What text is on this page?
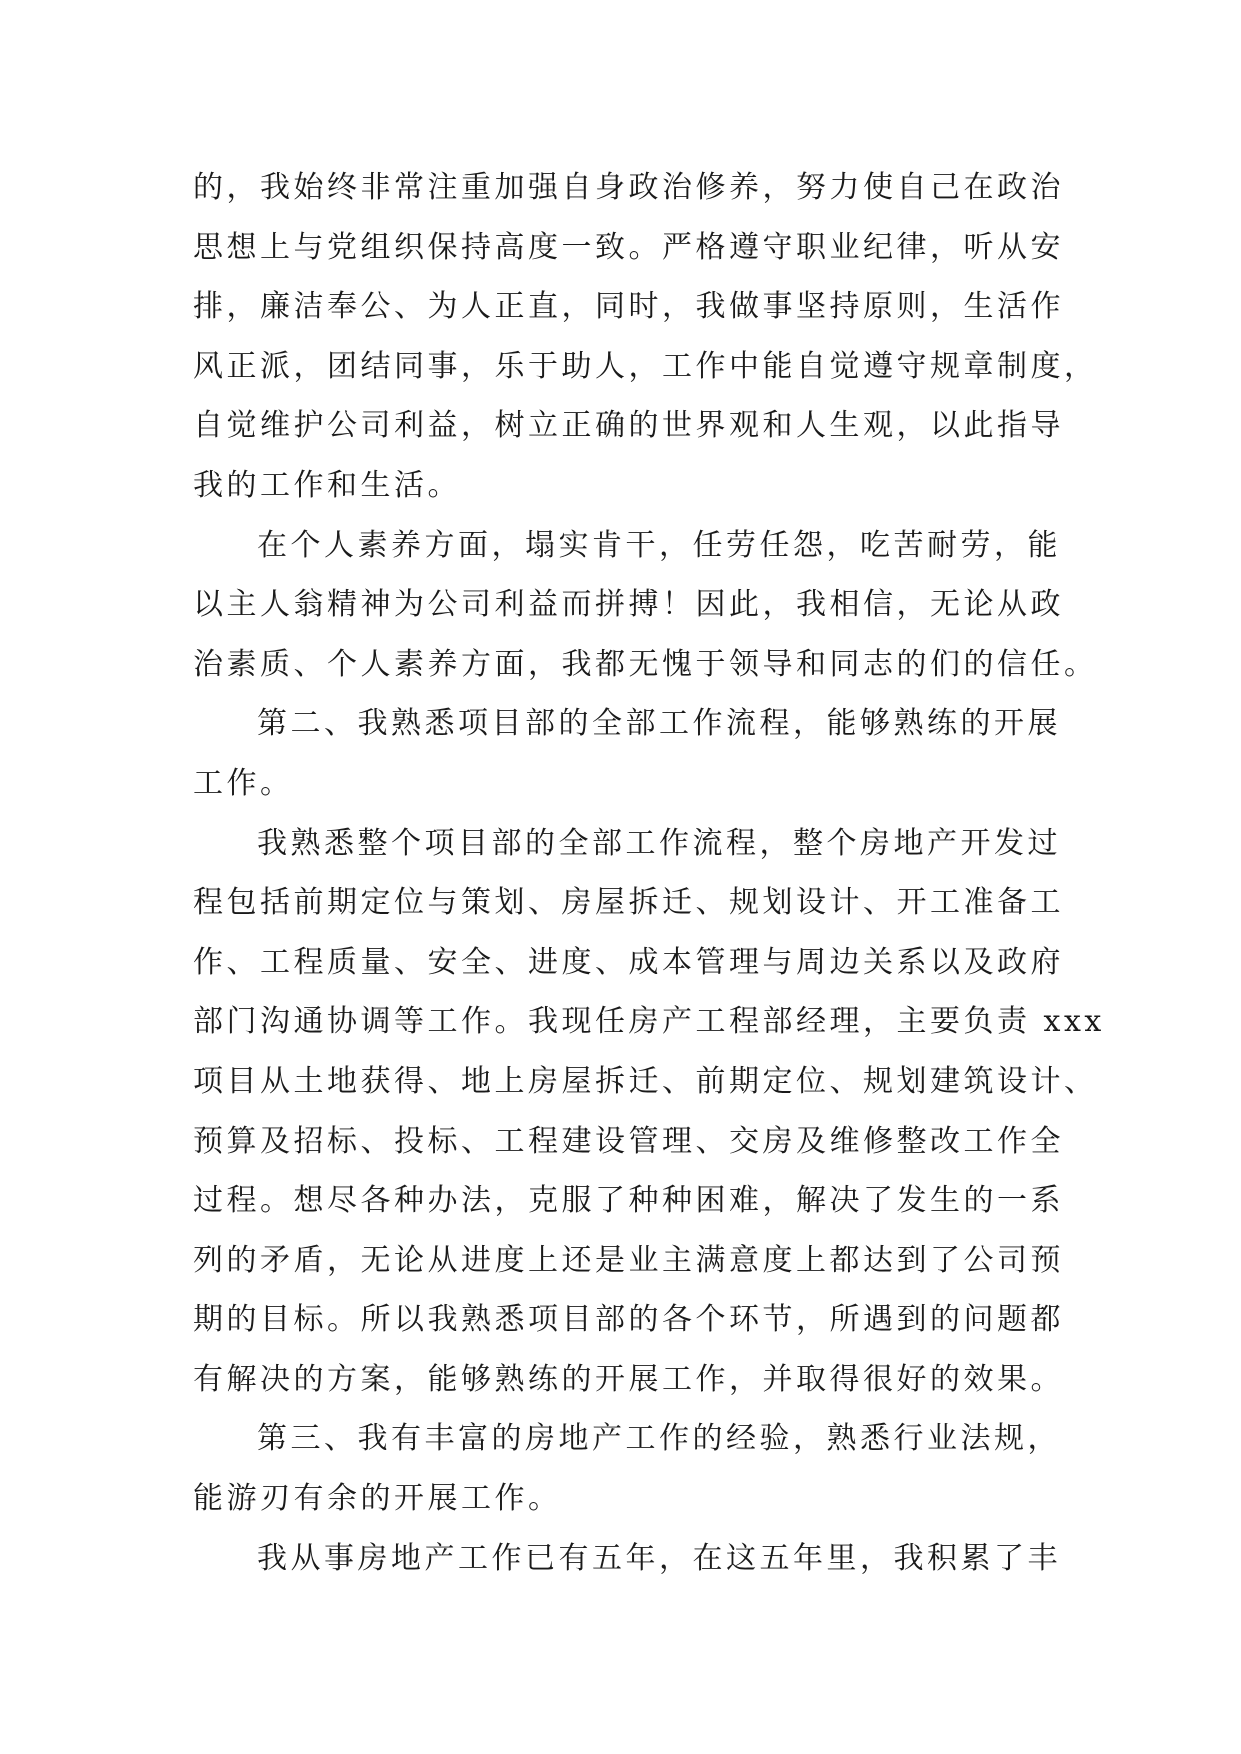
的，我始终非常注重加强自身政治修养，努力使自己在政治
思想上与党组织保持高度一致。严格遵守职业纪律，听从安
排，廉洁奉公、为人正直，同时，我做事坚持原则，生活作
风正派，团结同事，乐于助人，工作中能自觉遵守规章制度，
自觉维护公司利益，树立正确的世界观和人生观，以此指导
我的工作和生活。
在个人素养方面，塌实肯干，任劳任怨，吃苦耐劳，能
以主人翁精神为公司利益而拼搏！因此，我相信，无论从政
治素质、个人素养方面，我都无愧于领导和同志的们的信任。
第二、我熟悉项目部的全部工作流程，能够熟练的开展
工作。
我熟悉整个项目部的全部工作流程，整个房地产开发过
程包括前期定位与策划、房屋拆迁、规划设计、开工准备工
作、工程质量、安全、进度、成本管理与周边关系以及政府
部门沟通协调等工作。我现任房产工程部经理，主要负责 xxx
项目从土地获得、地上房屋拆迁、前期定位、规划建筑设计、
预算及招标、投标、工程建设管理、交房及维修整改工作全
过程。想尽各种办法，克服了种种困难，解决了发生的一系
列的矛盾，无论从进度上还是业主满意度上都达到了公司预
期的目标。所以我熟悉项目部的各个环节，所遇到的问题都
有解决的方案，能够熟练的开展工作，并取得很好的效果。
第三、我有丰富的房地产工作的经验，熟悉行业法规，
能游刃有余的开展工作。
我从事房地产工作已有五年，在这五年里，我积累了丰
